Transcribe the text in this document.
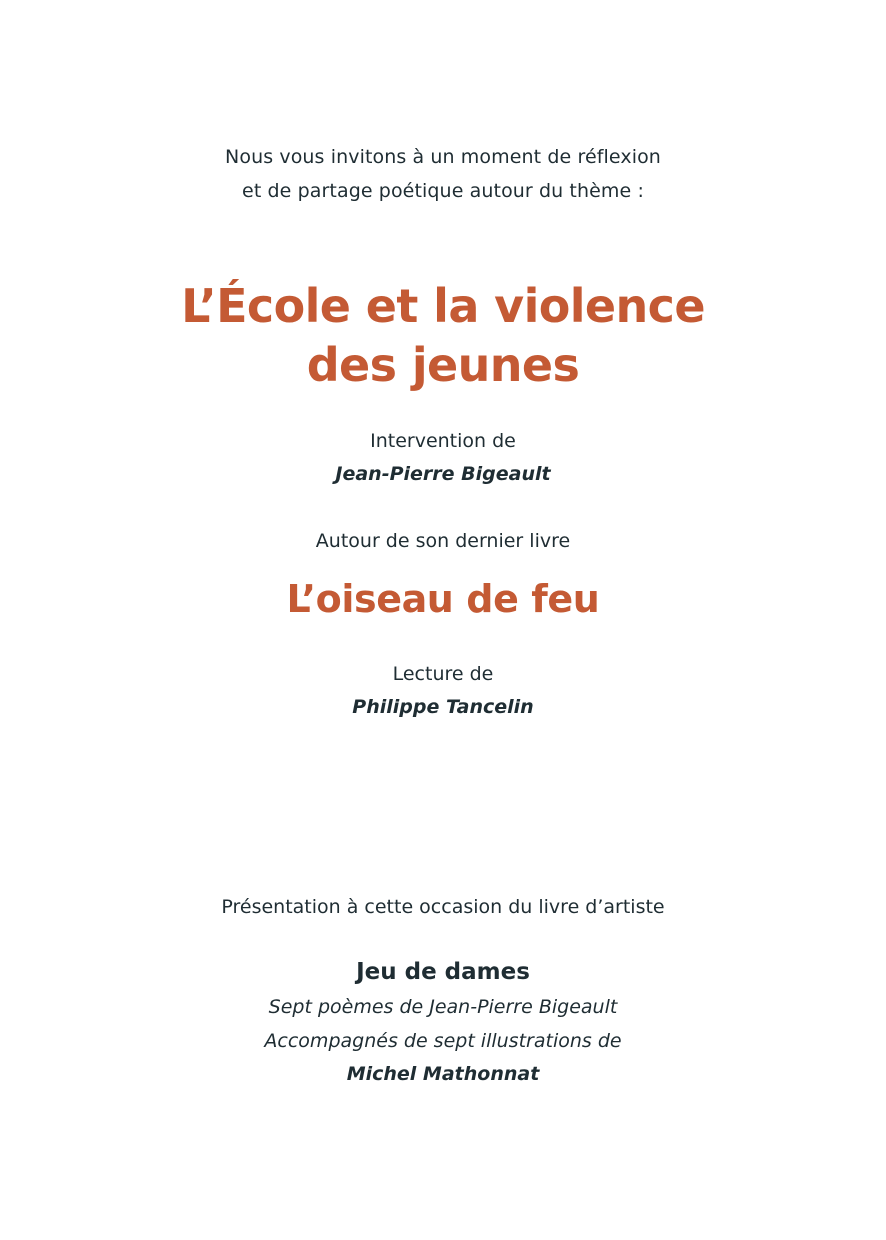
Nous vous invitons à un moment de réflexion
et de partage poétique autour du thème :
L’École et la violence
des jeunes
Intervention de
Jean-Pierre Bigeault
Autour de son dernier livre
L’oiseau de feu
Lecture de
Philippe Tancelin
Présentation à cette occasion du livre d’artiste
Jeu de dames
Sept poèmes de Jean-Pierre Bigeault
Accompagnés de sept illustrations de
Michel Mathonnat
